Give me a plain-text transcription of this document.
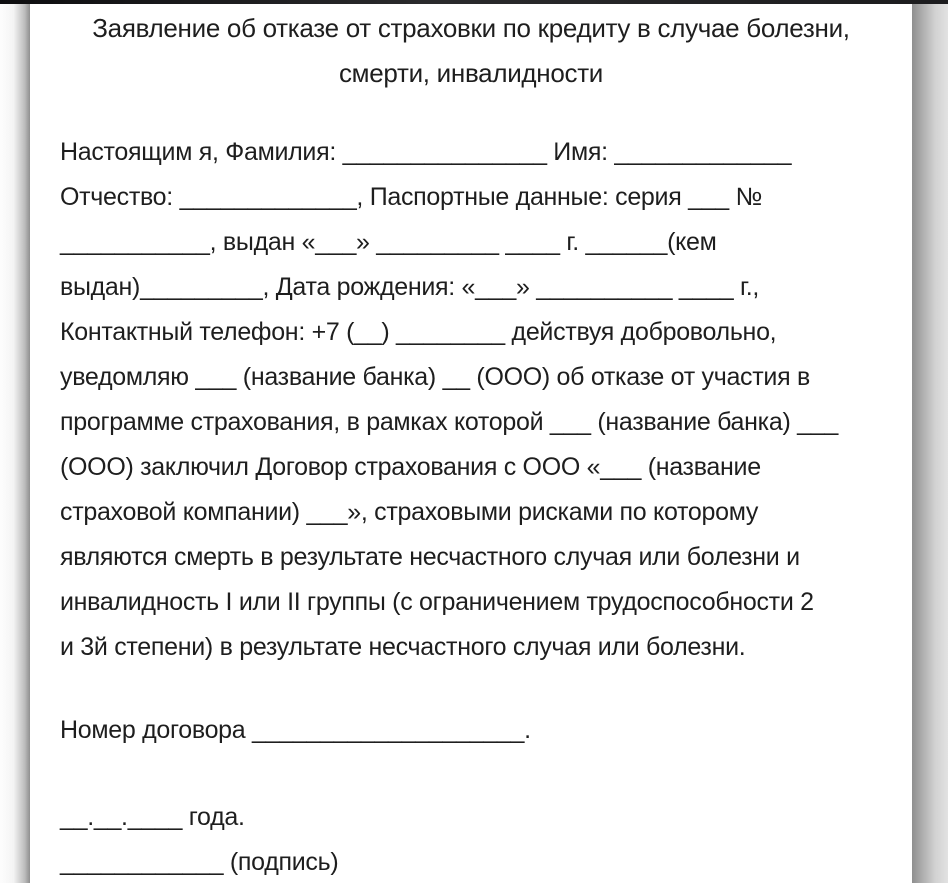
Заявление об отказе от страховки по кредиту в случае болезни,
смерти, инвалидности
Настоящим я, Фамилия: _______________ Имя: _____________
Отчество: _____________, Паспортные данные: серия ___ №
___________, выдан «___» _________ ____ г. ______(кем
выдан)_________, Дата рождения: «___» __________ ____ г.,
Контактный телефон: +7 (__) ________ действуя добровольно,
уведомляю ___ (название банка) __ (ООО) об отказе от участия в
программе страхования, в рамках которой ___ (название банка) ___
(ООО) заключил Договор страхования с ООО «___ (название
страховой компании) ___», страховыми рисками по которому
являются смерть в результате несчастного случая или болезни и
инвалидность I или II группы (с ограничением трудоспособности 2
и 3й степени) в результате несчастного случая или болезни.
Номер договора ____________________.
__.__.____ года.
____________ (подпись)
